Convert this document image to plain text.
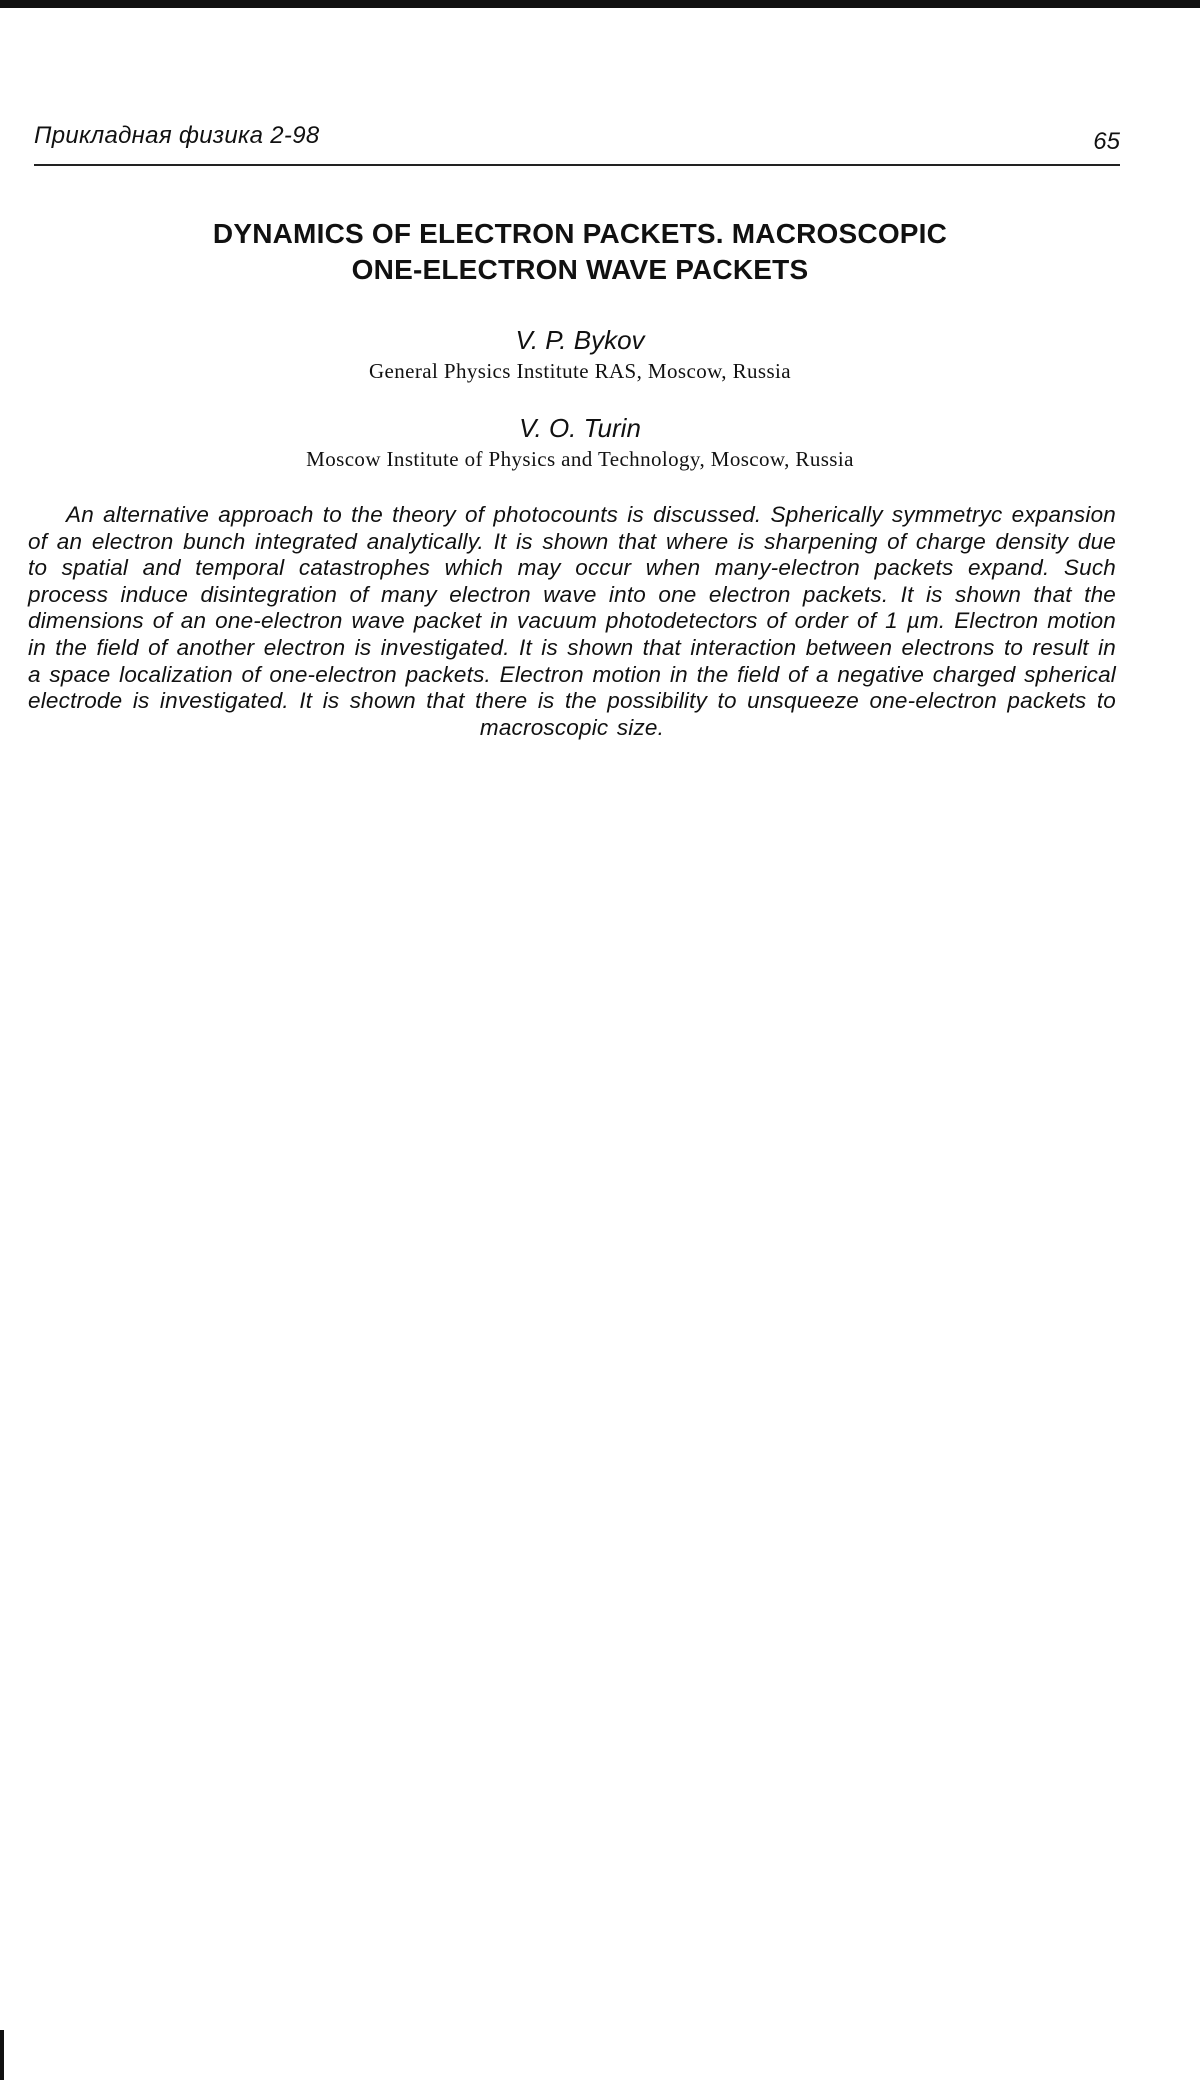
Прикладная физика 2-98	65
DYNAMICS OF ELECTRON PACKETS. MACROSCOPIC
ONE-ELECTRON WAVE PACKETS
V. P. Bykov
General Physics Institute RAS, Moscow, Russia
V. O. Turin
Moscow Institute of Physics and Technology, Moscow, Russia

An alternative approach to the theory of photocounts is discussed. Spherically symmetryc expansion of an electron bunch integrated analytically. It is shown that where is sharpening of charge density due to spatial and temporal catastrophes which may occur when many-electron packets expand. Such process induce disintegration of many electron wave into one electron packets. It is shown that the dimensions of an one-electron wave packet in vacuum photodetectors of order of 1 µm. Electron motion in the field of another electron is investigated. It is shown that interaction between electrons to result in a space localization of one-electron packets. Electron motion in the field of a negative charged spherical electrode is investigated. It is shown that there is the possibility to unsqueeze one-electron packets to macroscopic size.
